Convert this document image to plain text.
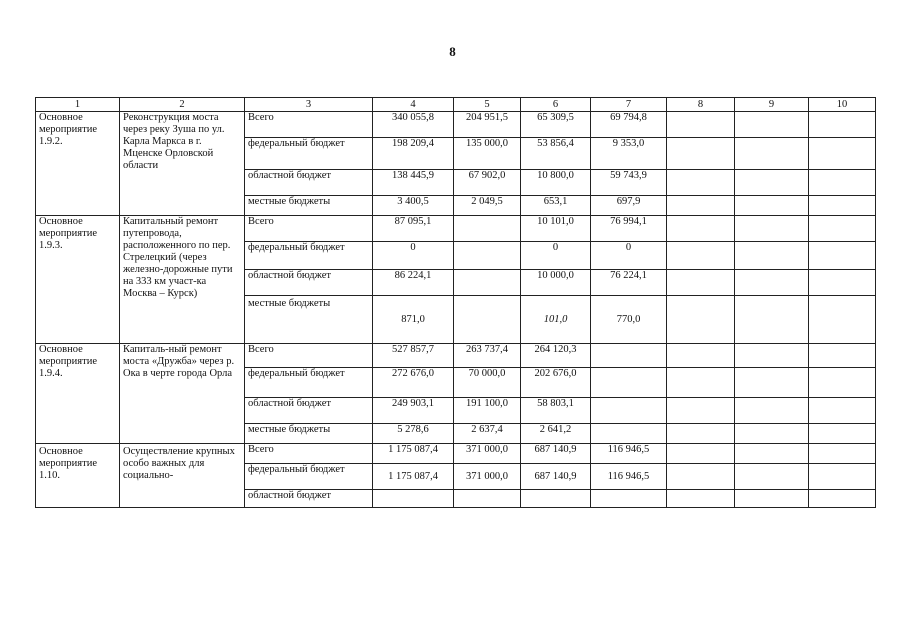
8
1	2	3	4	5	6	7	8	9	10
Основное мероприятие 1.9.2.	Реконструкция моста через реку Зуша по ул. Карла Маркса в г. Мценске Орловской области	Всего	340 055,8	204 951,5	65 309,5	69 794,8			
		федеральный бюджет	198 209,4	135 000,0	53 856,4	9 353,0			
		областной бюджет	138 445,9	67 902,0	10 800,0	59 743,9			
		местные бюджеты	3 400,5	2 049,5	653,1	697,9			
Основное мероприятие 1.9.3.	Капитальный ремонт путепровода, расположенного по пер. Стрелецкий (через железно-дорожные пути на 333 км участ-ка Москва – Курск)	Всего	87 095,1		10 101,0	76 994,1			
		федеральный бюджет	0		0	0			
		областной бюджет	86 224,1		10 000,0	76 224,1			
		местные бюджеты	871,0		101,0	770,0			
Основное мероприятие 1.9.4.	Капиталь-ный ремонт моста «Дружба» через р. Ока в черте города Орла	Всего	527 857,7	263 737,4	264 120,3				
		федеральный бюджет	272 676,0	70 000,0	202 676,0				
		областной бюджет	249 903,1	191 100,0	58 803,1				
		местные бюджеты	5 278,6	2 637,4	2 641,2				
Основное мероприятие 1.10.	Осуществление крупных особо важных для социально-	Всего	1 175 087,4	371 000,0	687 140,9	116 946,5			
		федеральный бюджет	1 175 087,4	371 000,0	687 140,9	116 946,5			
		областной бюджет							
